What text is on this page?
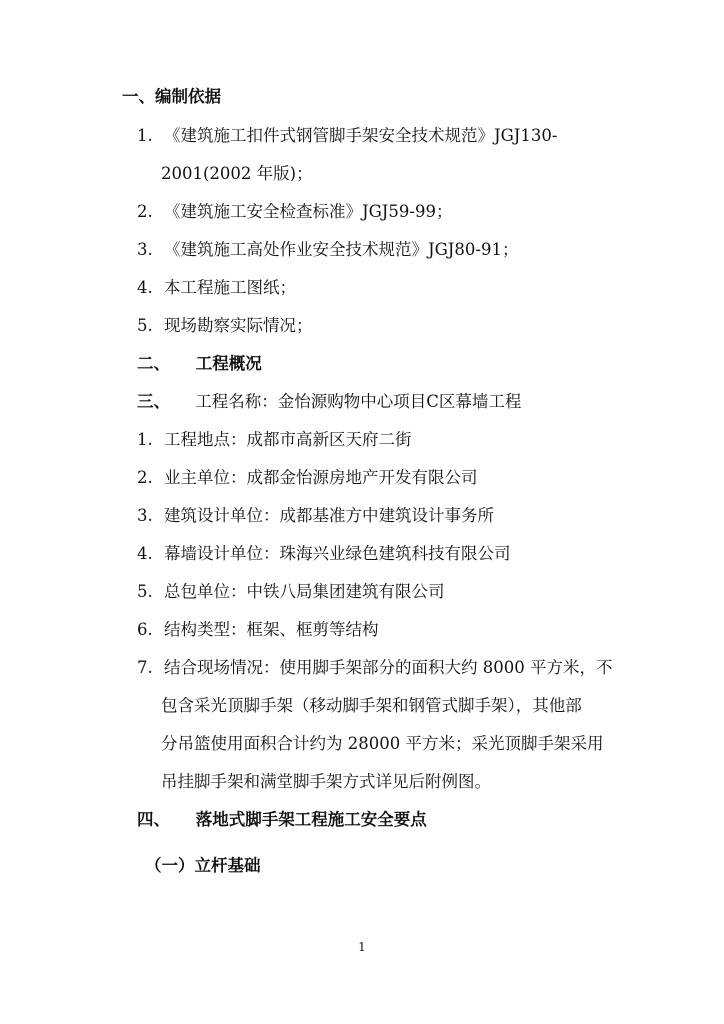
一、编制依据
1. 《建筑施工扣件式钢管脚手架安全技术规范》JGJ130-
2001(2002 年版)；
2. 《建筑施工安全检查标准》JGJ59-99；
3. 《建筑施工高处作业安全技术规范》JGJ80-91；
4. 本工程施工图纸；
5. 现场勘察实际情况；
二、 工程概况
三、 工程名称：金怡源购物中心项目C区幕墙工程
1. 工程地点：成都市高新区天府二街
2. 业主单位：成都金怡源房地产开发有限公司
3. 建筑设计单位：成都基准方中建筑设计事务所
4. 幕墙设计单位：珠海兴业绿色建筑科技有限公司
5. 总包单位：中铁八局集团建筑有限公司
6. 结构类型：框架、框剪等结构
7. 结合现场情况：使用脚手架部分的面积大约 8000 平方米，不
包含采光顶脚手架（移动脚手架和钢管式脚手架），其他部
分吊篮使用面积合计约为 28000 平方米；采光顶脚手架采用
吊挂脚手架和满堂脚手架方式详见后附例图。
四、 落地式脚手架工程施工安全要点
（一）立杆基础
1
